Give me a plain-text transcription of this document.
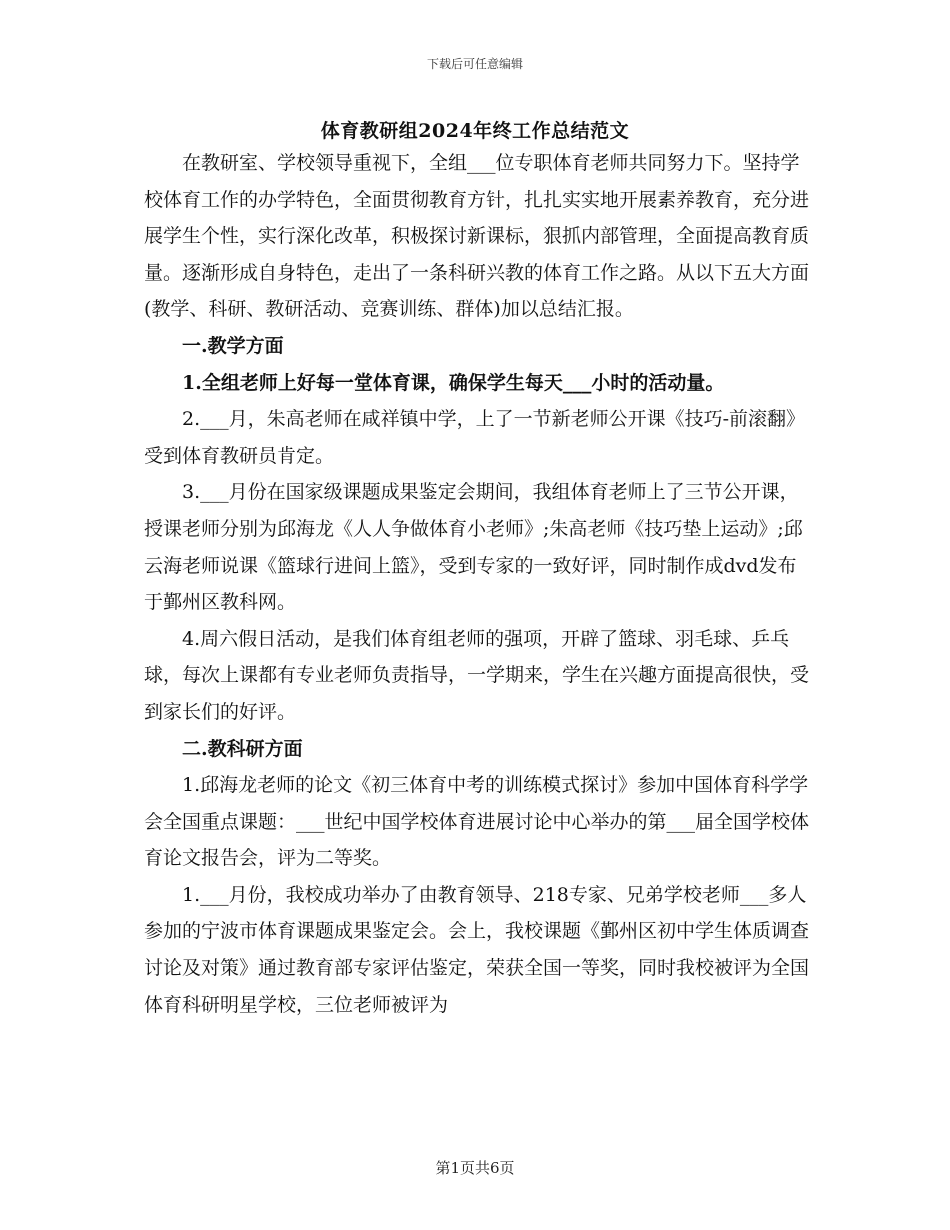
下载后可任意编辑
体育教研组2024年终工作总结范文

在教研室、学校领导重视下，全组___位专职体育老师共同努力下。坚持学校体育工作的办学特色，全面贯彻教育方针，扎扎实实地开展素养教育，充分进展学生个性，实行深化改革，积极探讨新课标，狠抓内部管理，全面提高教育质量。逐渐形成自身特色，走出了一条科研兴教的体育工作之路。从以下五大方面(教学、科研、教研活动、竞赛训练、群体)加以总结汇报。

一.教学方面

1.全组老师上好每一堂体育课，确保学生每天___小时的活动量。

2.___月，朱高老师在咸祥镇中学，上了一节新老师公开课《技巧-前滚翻》受到体育教研员肯定。

3.___月份在国家级课题成果鉴定会期间，我组体育老师上了三节公开课，授课老师分别为邱海龙《人人争做体育小老师》;朱高老师《技巧垫上运动》;邱云海老师说课《篮球行进间上篮》，受到专家的一致好评，同时制作成dvd发布于鄞州区教科网。

4.周六假日活动，是我们体育组老师的强项，开辟了篮球、羽毛球、乒乓球，每次上课都有专业老师负责指导，一学期来，学生在兴趣方面提高很快，受到家长们的好评。

二.教科研方面

1.邱海龙老师的论文《初三体育中考的训练模式探讨》参加中国体育科学学会全国重点课题：___世纪中国学校体育进展讨论中心举办的第___届全国学校体育论文报告会，评为二等奖。

1.___月份，我校成功举办了由教育领导、218专家、兄弟学校老师___多人参加的宁波市体育课题成果鉴定会。会上，我校课题《鄞州区初中学生体质调查讨论及对策》通过教育部专家评估鉴定，荣获全国一等奖，同时我校被评为全国体育科研明星学校，三位老师被评为

第1页共6页
